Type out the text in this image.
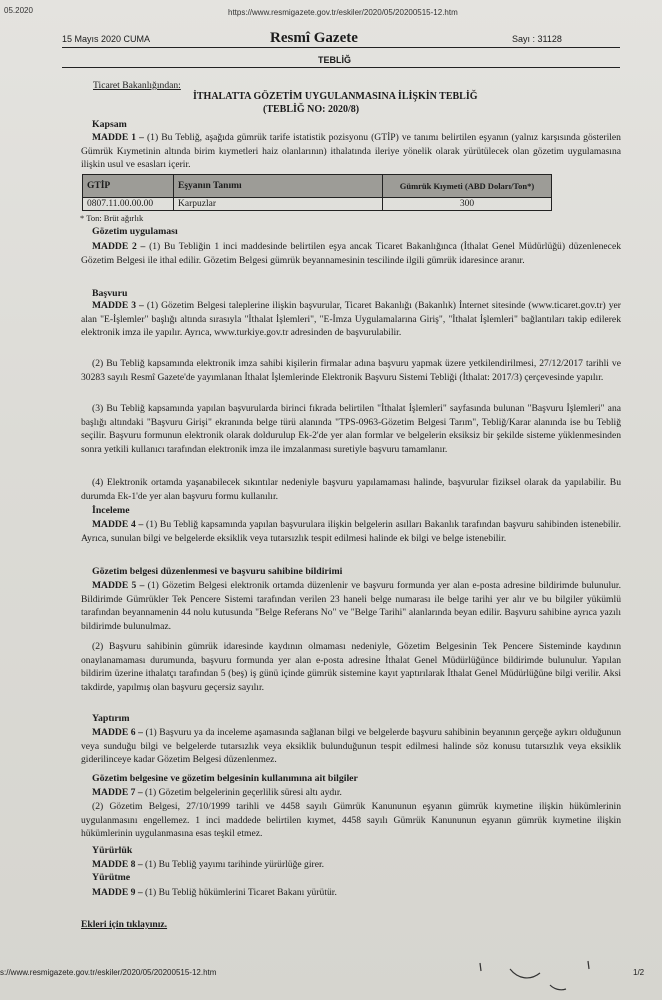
05.2020	https://www.resmigazete.gov.tr/eskiler/2020/05/20200515-12.htm
15 Mayıs 2020 CUMA	Resmî Gazete	Sayı : 31128
TEBLİĞ
Ticaret Bakanlığından:
İTHALATTA GÖZETİM UYGULANMASINA İLİŞKİN TEBLİĞ
(TEBLİĞ NO: 2020/8)
Kapsam
MADDE 1 – (1) Bu Tebliğ, aşağıda gümrük tarife istatistik pozisyonu (GTİP) ve tanımı belirtilen eşyanın (yalnız karşısında gösterilen Gümrük Kıymetinin altında birim kıymetleri haiz olanlarının) ithalatında ileriye yönelik olarak yürütülecek olan gözetim uygulamasına ilişkin usul ve esasları içerir.
GTİP	Eşyanın Tanımı	Gümrük Kıymeti (ABD Doları/Ton*)
0807.11.00.00.00	Karpuzlar	300
* Ton: Brüt ağırlık
Gözetim uygulaması
MADDE 2 – (1) Bu Tebliğin 1 inci maddesinde belirtilen eşya ancak Ticaret Bakanlığınca (İthalat Genel Müdürlüğü) düzenlenecek Gözetim Belgesi ile ithal edilir. Gözetim Belgesi gümrük beyannamesinin tescilinde ilgili gümrük idaresince aranır.
Başvuru
MADDE 3 – (1) Gözetim Belgesi taleplerine ilişkin başvurular, Ticaret Bakanlığı (Bakanlık) İnternet sitesinde (www.ticaret.gov.tr) yer alan "E-İşlemler" başlığı altında sırasıyla "İthalat İşlemleri", "E-İmza Uygulamalarına Giriş", "İthalat İşlemleri" bağlantıları takip edilerek elektronik imza ile yapılır. Ayrıca, www.turkiye.gov.tr adresinden de başvurulabilir.
(2) Bu Tebliğ kapsamında elektronik imza sahibi kişilerin firmalar adına başvuru yapmak üzere yetkilendirilmesi, 27/12/2017 tarihli ve 30283 sayılı Resmî Gazete'de yayımlanan İthalat İşlemlerinde Elektronik Başvuru Sistemi Tebliği (İthalat: 2017/3) çerçevesinde yapılır.
(3) Bu Tebliğ kapsamında yapılan başvurularda birinci fıkrada belirtilen "İthalat İşlemleri" sayfasında bulunan "Başvuru İşlemleri" ana başlığı altındaki "Başvuru Girişi" ekranında belge türü alanında "TPS-0963-Gözetim Belgesi Tarım", Tebliğ/Karar alanında ise bu Tebliğ seçilir. Başvuru formunun elektronik olarak doldurulup Ek-2'de yer alan formlar ve belgelerin eksiksiz bir şekilde sisteme yüklenmesinden sonra yetkili kullanıcı tarafından elektronik imza ile imzalanması suretiyle başvuru tamamlanır.
(4) Elektronik ortamda yaşanabilecek sıkıntılar nedeniyle başvuru yapılamaması halinde, başvurular fiziksel olarak da yapılabilir. Bu durumda Ek-1'de yer alan başvuru formu kullanılır.
İnceleme
MADDE 4 – (1) Bu Tebliğ kapsamında yapılan başvurulara ilişkin belgelerin asılları Bakanlık tarafından başvuru sahibinden istenebilir. Ayrıca, sunulan bilgi ve belgelerde eksiklik veya tutarsızlık tespit edilmesi halinde ek bilgi ve belge istenebilir.
Gözetim belgesi düzenlenmesi ve başvuru sahibine bildirimi
MADDE 5 – (1) Gözetim Belgesi elektronik ortamda düzenlenir ve başvuru formunda yer alan e-posta adresine bildirimde bulunulur. Bildirimde Gümrükler Tek Pencere Sistemi tarafından verilen 23 haneli belge numarası ile belge tarihi yer alır ve bu bilgiler yükümlü tarafından beyannamenin 44 nolu kutusunda "Belge Referans No" ve "Belge Tarihi" alanlarında beyan edilir. Başvuru sahibine ayrıca yazılı bildirimde bulunulmaz.
(2) Başvuru sahibinin gümrük idaresinde kaydının olmaması nedeniyle, Gözetim Belgesinin Tek Pencere Sisteminde kaydının onaylanamaması durumunda, başvuru formunda yer alan e-posta adresine İthalat Genel Müdürlüğünce bildirimde bulunulur. Yapılan bildirim üzerine ithalatçı tarafından 5 (beş) iş günü içinde gümrük sistemine kayıt yaptırılarak İthalat Genel Müdürlüğüne bilgi verilir. Aksi takdirde, yapılmış olan başvuru geçersiz sayılır.
Yaptırım
MADDE 6 – (1) Başvuru ya da inceleme aşamasında sağlanan bilgi ve belgelerde başvuru sahibinin beyanının gerçeğe aykırı olduğunun veya sunduğu bilgi ve belgelerde tutarsızlık veya eksiklik bulunduğunun tespit edilmesi halinde söz konusu tutarsızlık veya eksiklik giderilinceye kadar Gözetim Belgesi düzenlenmez.
Gözetim belgesine ve gözetim belgesinin kullanımına ait bilgiler
MADDE 7 – (1) Gözetim belgelerinin geçerlilik süresi altı aydır.
(2) Gözetim Belgesi, 27/10/1999 tarihli ve 4458 sayılı Gümrük Kanununun eşyanın gümrük kıymetine ilişkin hükümlerinin uygulanmasını engellemez. 1 inci maddede belirtilen kıymet, 4458 sayılı Gümrük Kanununun eşyanın gümrük kıymetine ilişkin hükümlerinin uygulanmasına esas teşkil etmez.
Yürürlük
MADDE 8 – (1) Bu Tebliğ yayımı tarihinde yürürlüğe girer.
Yürütme
MADDE 9 – (1) Bu Tebliğ hükümlerini Ticaret Bakanı yürütür.
Ekleri için tıklayınız.
s://www.resmigazete.gov.tr/eskiler/2020/05/20200515-12.htm	1/2
